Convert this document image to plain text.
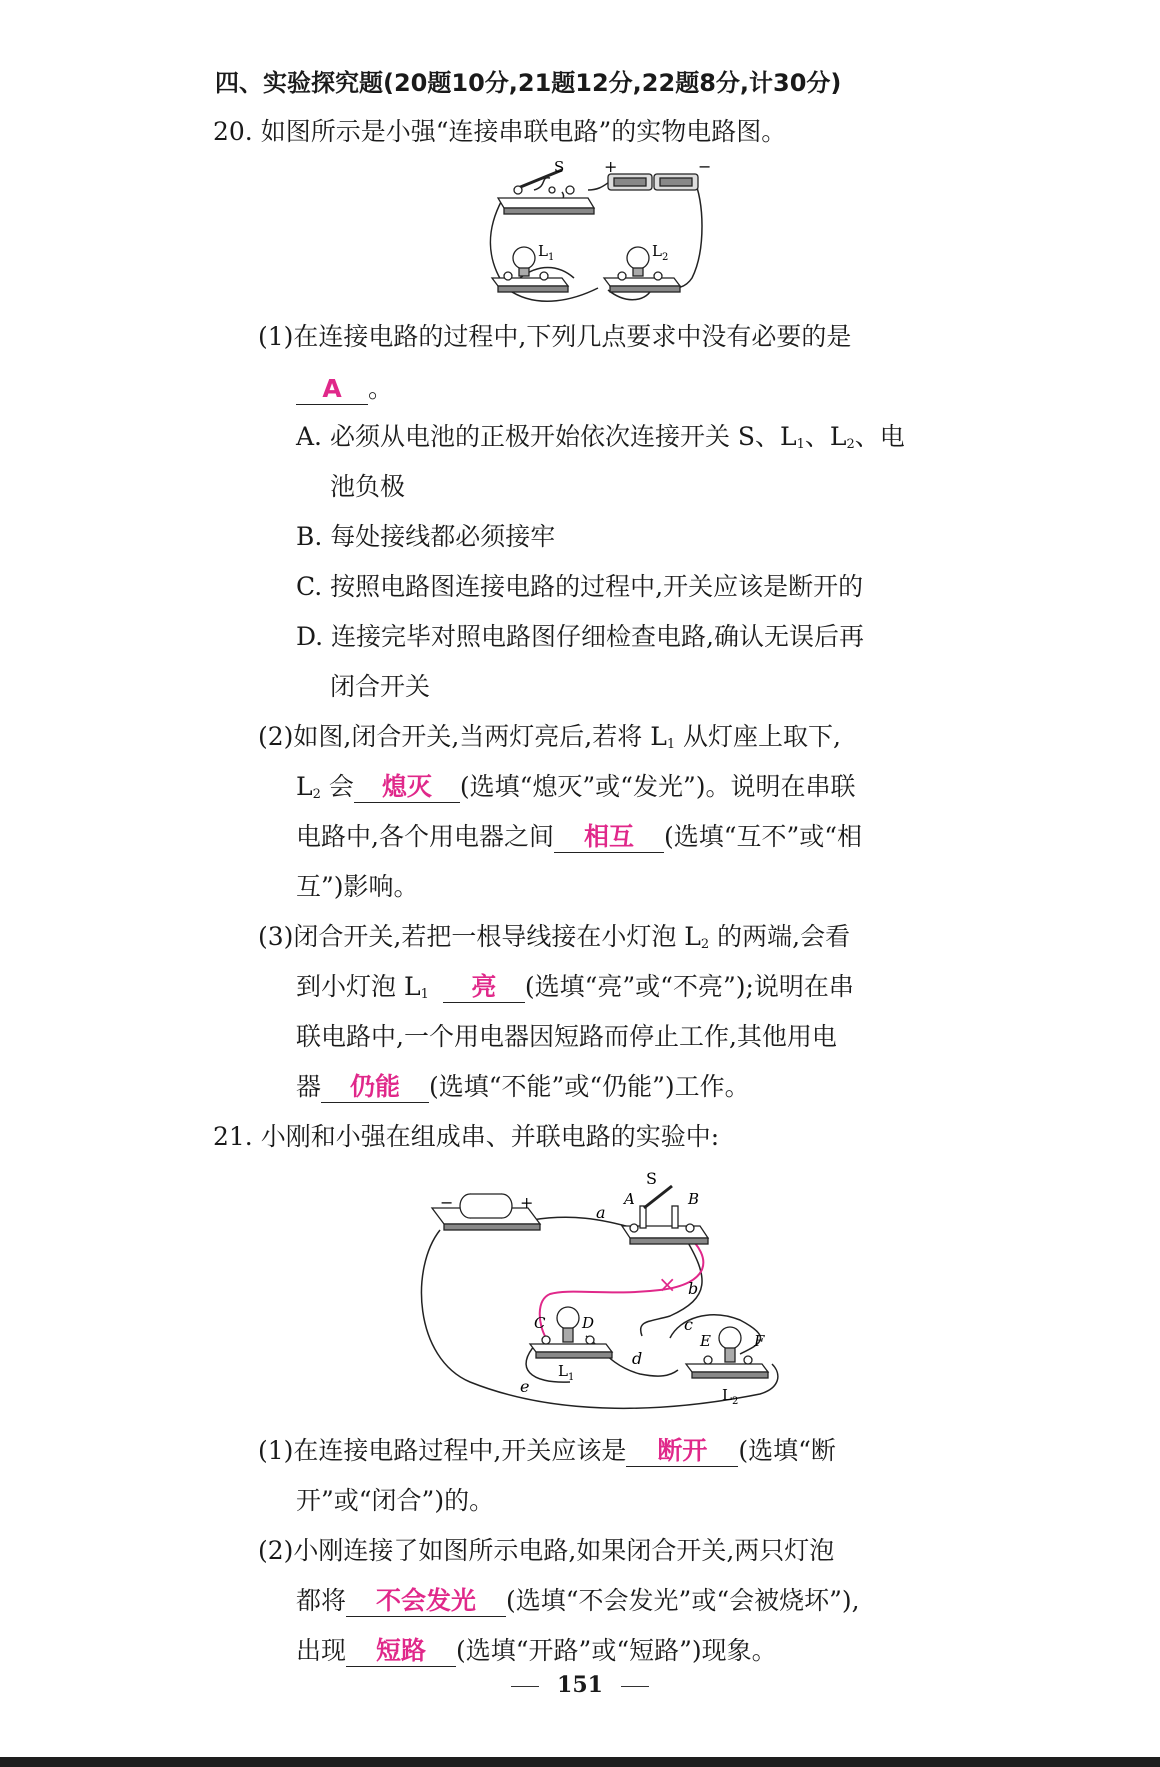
四、实验探究题(20题10分,21题12分,22题8分,计30分)
20. 如图所示是小强“连接串联电路”的实物电路图。
S +	−
$L_1$	$L_2$
(1)在连接电路的过程中,下列几点要求中没有必要的是
A 。
A. 必须从电池的正极开始依次连接开关 S、$L_1$、$L_2$、电
池负极
B. 每处接线都必须接牢
C. 按照电路图连接电路的过程中,开关应该是断开的
D. 连接完毕对照电路图仔细检查电路,确认无误后再
闭合开关
(2)如图,闭合开关,当两灯亮后,若将 $L_1$ 从灯座上取下,
$L_2$ 会 熄灭 (选填“熄灭”或“发光”)。说明在串联
电路中,各个用电器之间 相互 (选填“互不”或“相
互”)影响。
(3)闭合开关,若把一根导线接在小灯泡 $L_2$ 的两端,会看
到小灯泡 $L_1$ 亮 (选填“亮”或“不亮”);说明在串
联电路中,一个用电器因短路而停止工作,其他用电
器 仍能 (选填“不能”或“仍能”)工作。
21. 小刚和小强在组成串、并联电路的实验中:
×
−	+
S
A	B
C D
$L_1$
E	F
$L_2$
a
b
c
d
e
(1)在连接电路过程中,开关应该是 断开 (选填“断
开”或“闭合”)的。
(2)小刚连接了如图所示电路,如果闭合开关,两只灯泡
都将 不会发光 (选填“不会发光”或“会被烧坏”),
出现 短路 (选填“开路”或“短路”)现象。
151
